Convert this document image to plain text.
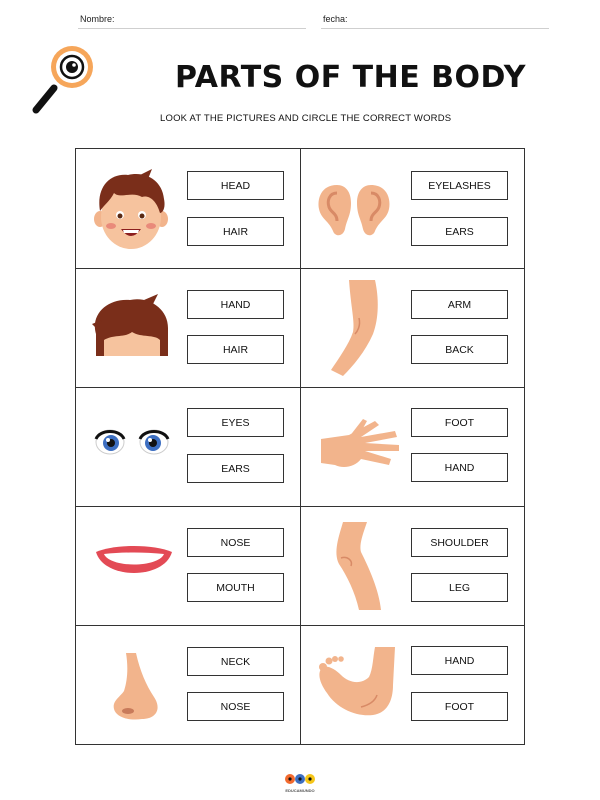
Nombre:	fecha:
PARTS OF THE BODY
LOOK AT THE PICTURES AND CIRCLE THE CORRECT WORDS
HEAD
HAIR
EYELASHES
EARS
HAND
HAIR
ARM
BACK
EYES
EARS
FOOT
HAND
NOSE
MOUTH
SHOULDER
LEG
NECK
NOSE
HAND
FOOT
EDUCAMUNDO
